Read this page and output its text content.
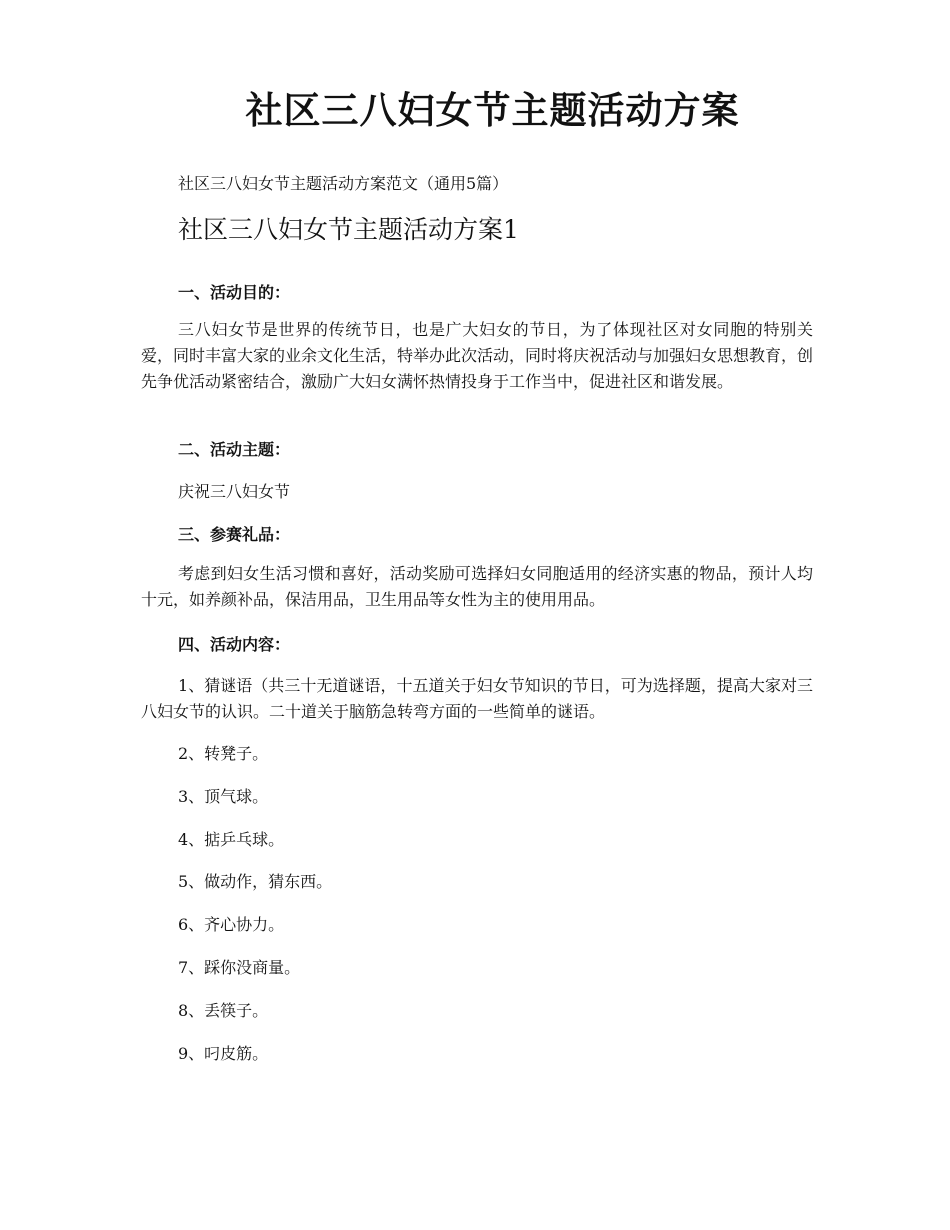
社区三八妇女节主题活动方案

社区三八妇女节主题活动方案范文（通用5篇）

社区三八妇女节主题活动方案1

一、活动目的：

三八妇女节是世界的传统节日，也是广大妇女的节日，为了体现社区对女同胞的特别关爱，同时丰富大家的业余文化生活，特举办此次活动，同时将庆祝活动与加强妇女思想教育，创先争优活动紧密结合，激励广大妇女满怀热情投身于工作当中，促进社区和谐发展。

二、活动主题：

庆祝三八妇女节

三、参赛礼品：

考虑到妇女生活习惯和喜好，活动奖励可选择妇女同胞适用的经济实惠的物品，预计人均十元，如养颜补品，保洁用品，卫生用品等女性为主的使用用品。

四、活动内容：

1、猜谜语（共三十无道谜语，十五道关于妇女节知识的节日，可为选择题，提高大家对三八妇女节的认识。二十道关于脑筋急转弯方面的一些简单的谜语。

2、转凳子。

3、顶气球。

4、掂乒乓球。

5、做动作，猜东西。

6、齐心协力。

7、踩你没商量。

8、丢筷子。

9、叼皮筋。
